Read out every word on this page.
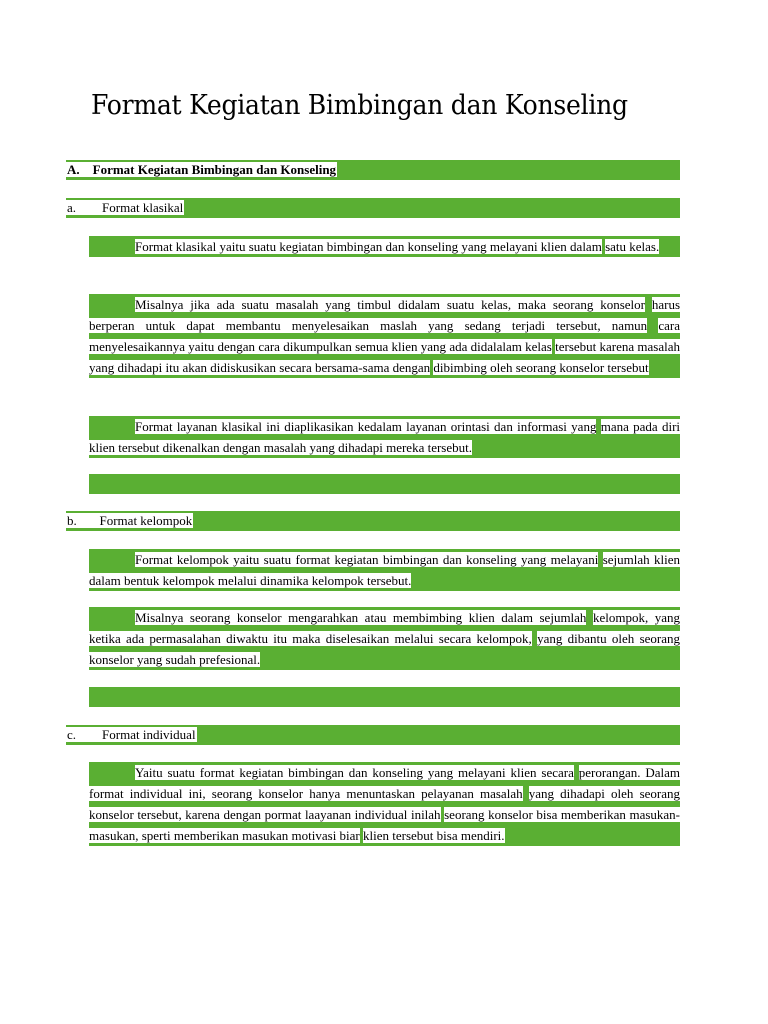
Format Kegiatan Bimbingan dan Konseling
A. Format Kegiatan Bimbingan dan Konseling
a. Format klasikal
Format klasikal yaitu suatu kegiatan bimbingan dan konseling yang melayani klien dalam satu kelas.
Misalnya jika ada suatu masalah yang timbul didalam suatu kelas, maka seorang konselor harus berperan untuk dapat membantu menyelesaikan maslah yang sedang terjadi tersebut, namun cara menyelesaikannya yaitu dengan cara dikumpulkan semua klien yang ada didalalam kelas tersebut karena masalah yang dihadapi itu akan didiskusikan secara bersama-sama dengan dibimbing oleh seorang konselor tersebut
Format layanan klasikal ini diaplikasikan kedalam layanan orintasi dan informasi yang mana pada diri klien tersebut dikenalkan dengan masalah yang dihadapi mereka tersebut.
b. Format kelompok
Format kelompok yaitu suatu format kegiatan bimbingan dan konseling yang melayani sejumlah klien dalam bentuk kelompok melalui dinamika kelompok tersebut.
Misalnya seorang konselor mengarahkan atau membimbing klien dalam sejumlah kelompok, yang ketika ada permasalahan diwaktu itu maka diselesaikan melalui secara kelompok, yang dibantu oleh seorang konselor yang sudah prefesional.
c. Format individual
Yaitu suatu format kegiatan bimbingan dan konseling yang melayani klien secara perorangan. Dalam format individual ini, seorang konselor hanya menuntaskan pelayanan masalah yang dihadapi oleh seorang konselor tersebut, karena dengan pormat laayanan individual inilah seorang konselor bisa memberikan masukan-masukan, sperti memberikan masukan motivasi biar klien tersebut bisa mendiri.
